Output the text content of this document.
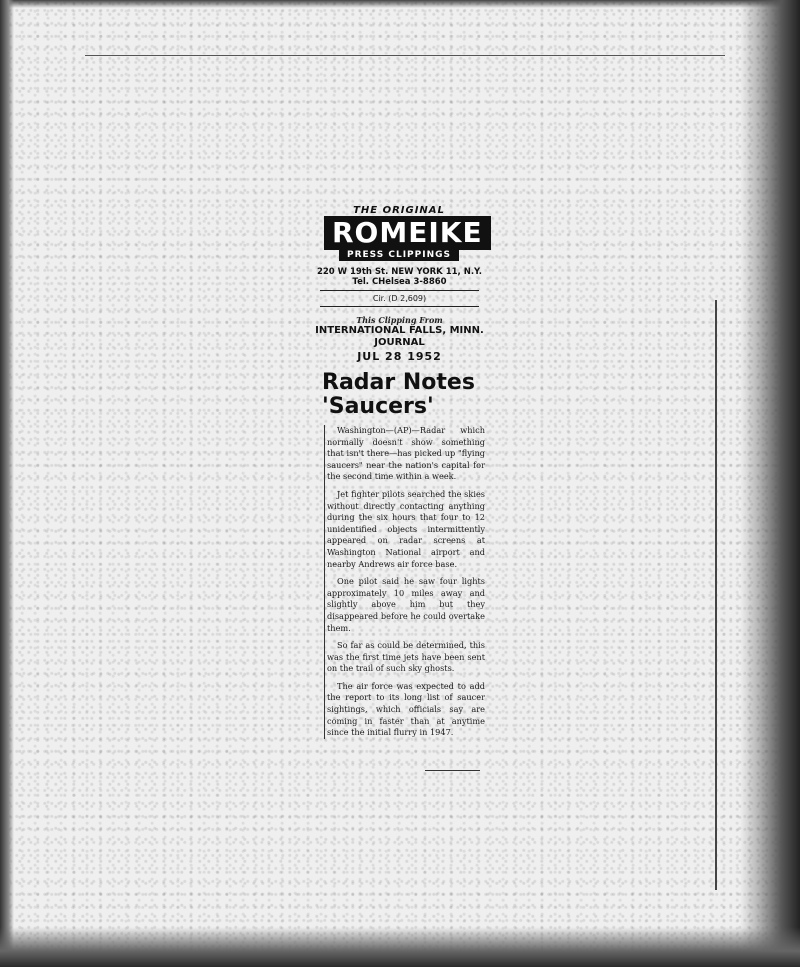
THE ORIGINAL
ROMEIKE
PRESS CLIPPINGS
220 W 19th St. NEW YORK 11, N.Y.
Tel. CHelsea 3-8860
Cir. (D 2,609)
This Clipping From
INTERNATIONAL FALLS, MINN.
JOURNAL
JUL 28 1952
Radar Notes
'Saucers'

Washington—(AP)—Radar which normally doesn't show something that isn't there—has picked up "flying saucers" near the nation's capital for the second time within a week.

Jet fighter pilots searched the skies without directly contacting anything during the six hours that four to 12 unidentified objects intermittently appeared on radar screens at Washington National airport and nearby Andrews air force base.

One pilot said he saw four lights approximately 10 miles away and slightly above him but they disappeared before he could overtake them.

So far as could be determined, this was the first time jets have been sent on the trail of such sky ghosts.

The air force was expected to add the report to its long list of saucer sightings, which officials say are coming in faster than at anytime since the initial flurry in 1947.
